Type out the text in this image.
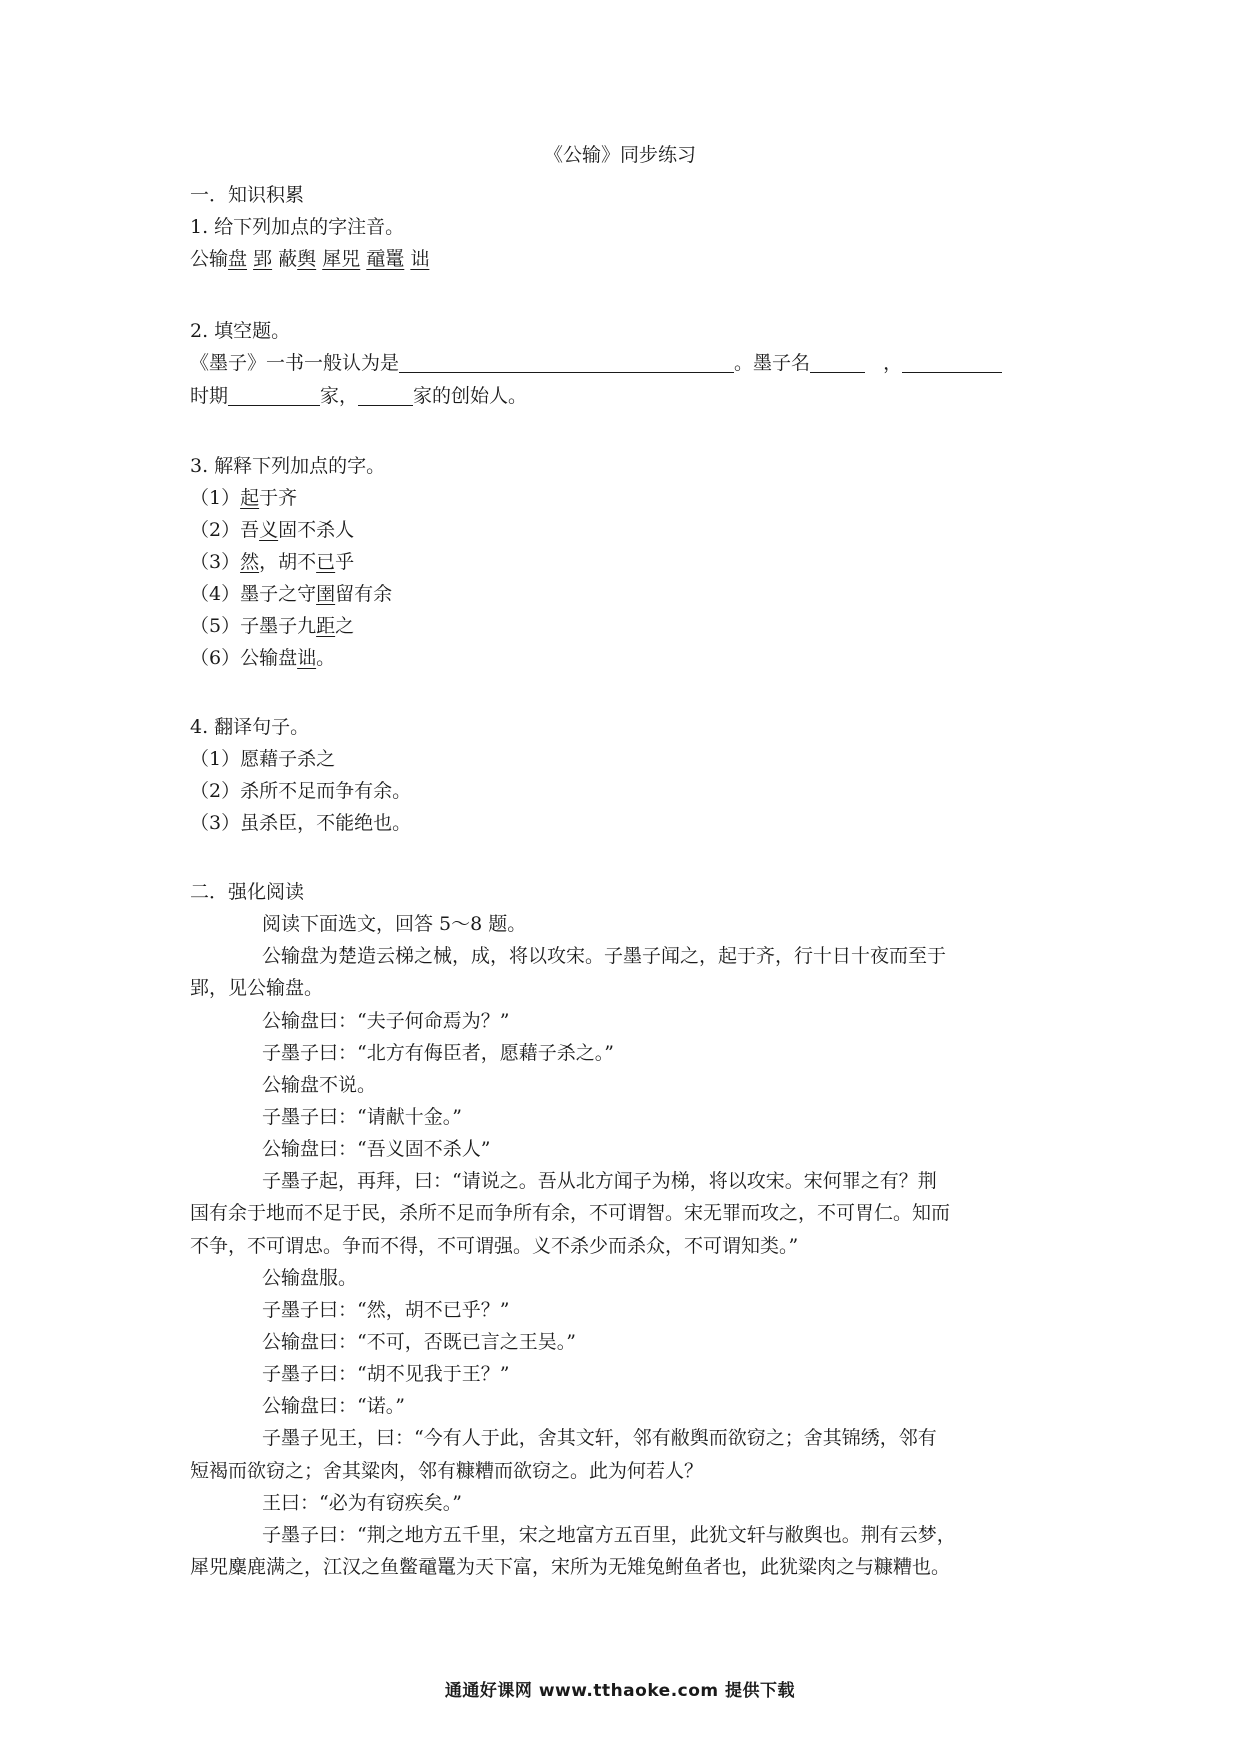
《公输》同步练习
一．知识积累
1. 给下列加点的字注音。
公输盘 郢 蔽舆 犀兕 黿鼍 诎
2. 填空题。
《墨子》一书一般认为是	。墨子名	，
时期	家，	家的创始人。
3. 解释下列加点的字。
（1）起于齐
（2）吾义固不杀人
（3）然，胡不已乎
（4）墨子之守圉留有余
（5）子墨子九距之
（6）公输盘诎。
4. 翻译句子。
（1）愿藉子杀之
（2）杀所不足而争有余。
（3）虽杀臣，不能绝也。
二．强化阅读
阅读下面选文，回答 5～8 题。
公输盘为楚造云梯之械，成，将以攻宋。子墨子闻之，起于齐，行十日十夜而至于
郢，见公输盘。
公输盘曰：“夫子何命焉为？”
子墨子曰：“北方有侮臣者，愿藉子杀之。”
公输盘不说。
子墨子曰：“请献十金。”
公输盘曰：“吾义固不杀人”
子墨子起，再拜，曰：“请说之。吾从北方闻子为梯，将以攻宋。宋何罪之有？荆
国有余于地而不足于民，杀所不足而争所有余，不可谓智。宋无罪而攻之，不可胃仁。知而
不争，不可谓忠。争而不得，不可谓强。义不杀少而杀众，不可谓知类。”
公输盘服。
子墨子曰：“然，胡不已乎？”
公输盘曰：“不可，否既已言之王吴。”
子墨子曰：“胡不见我于王？”
公输盘曰：“诺。”
子墨子见王，曰：“今有人于此，舍其文轩，邻有敝舆而欲窃之；舍其锦绣，邻有
短褐而欲窃之；舍其粱肉，邻有糠糟而欲窃之。此为何若人？
王曰：“必为有窃疾矣。”
子墨子曰：“荆之地方五千里，宋之地富方五百里，此犹文轩与敝舆也。荆有云梦，
犀兕麋鹿满之，江汉之鱼鳖黿鼍为天下富，宋所为无雉兔鲋鱼者也，此犹粱肉之与糠糟也。
通通好课网 www.tthaoke.com 提供下载
